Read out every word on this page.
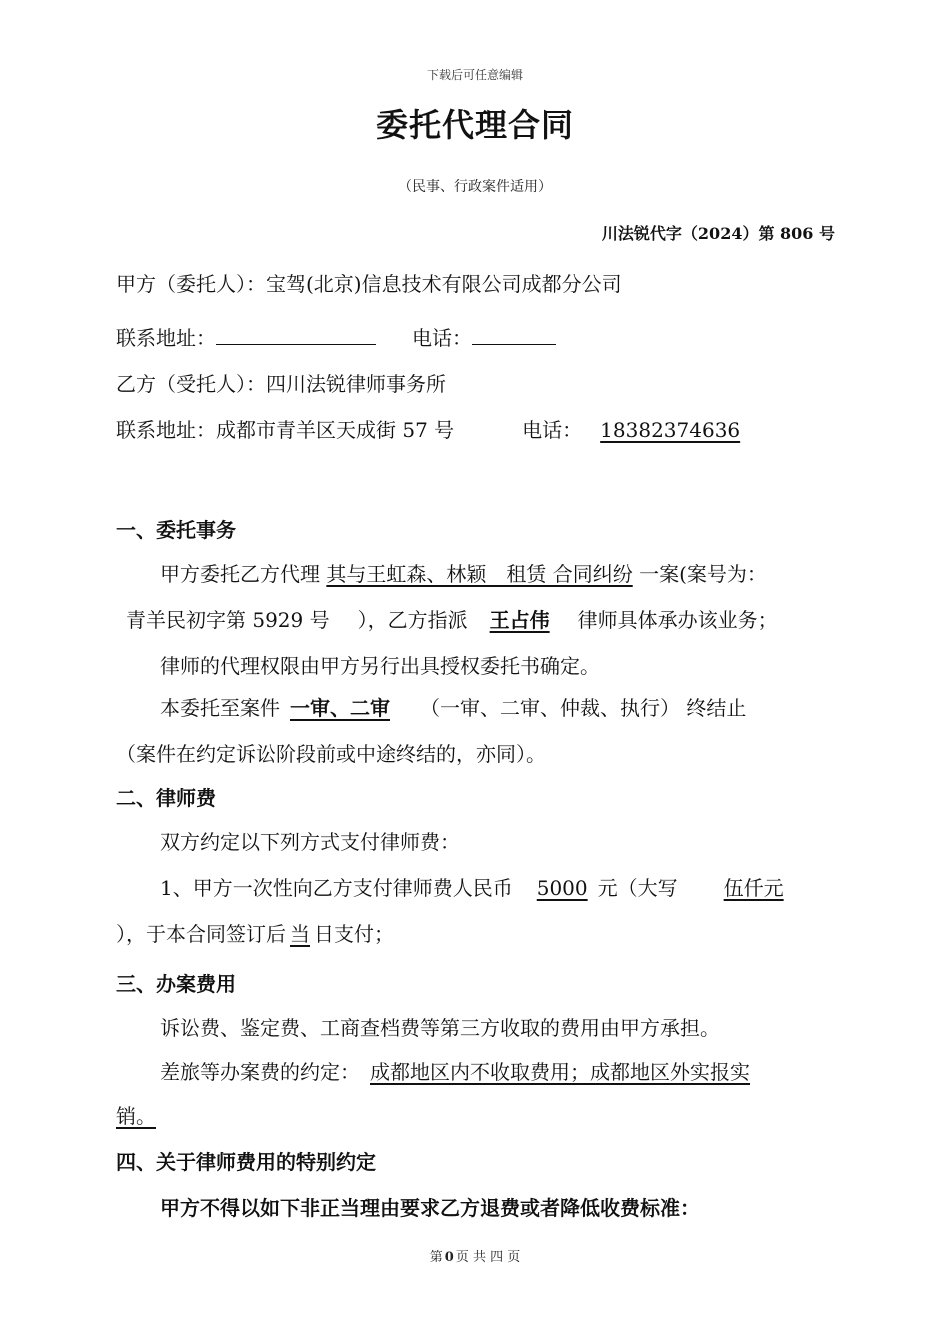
下载后可任意编辑
委托代理合同
（民事、行政案件适用）
川法锐代字（2024）第 806 号
甲方（委托人）：宝驾(北京)信息技术有限公司成都分公司
联系地址：	电话：
乙方（受托人）：四川法锐律师事务所
联系地址：成都市青羊区天成街 57 号	电话： 18382374636
一、委托事务
甲方委托乙方代理 其与王虹森、林颖　租赁 合同纠纷 一案(案号为：
青羊民初字第 5929 号 ），乙方指派 王占伟 律师具体承办该业务；
律师的代理权限由甲方另行出具授权委托书确定。
本委托至案件 一审、二审 （一审、二审、仲裁、执行） 终结止
（案件在约定诉讼阶段前或中途终结的，亦同）。
二、律师费
双方约定以下列方式支付律师费：
1、甲方一次性向乙方支付律师费人民币 5000 元（大写 伍仟元
），于本合同签订后 当 日支付；
三、办案费用
诉讼费、鉴定费、工商查档费等第三方收取的费用由甲方承担。
差旅等办案费的约定： 成都地区内不收取费用；成都地区外实报实
销。
四、关于律师费用的特别约定
甲方不得以如下非正当理由要求乙方退费或者降低收费标准：
第 0 页 共 四 页
